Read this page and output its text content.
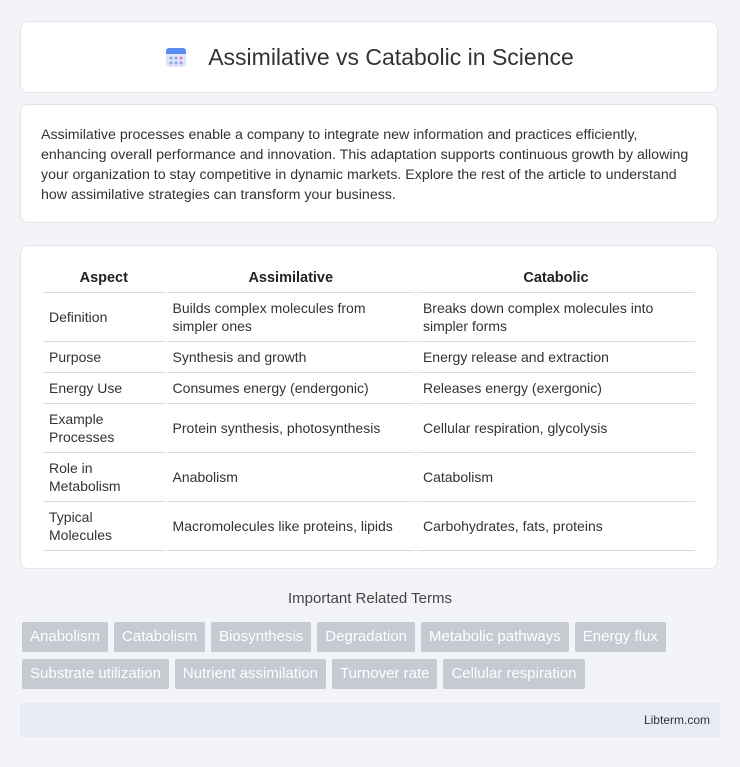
Assimilative vs Catabolic in Science

Assimilative processes enable a company to integrate new information and practices efficiently, enhancing overall performance and innovation. This adaptation supports continuous growth by allowing your organization to stay competitive in dynamic markets. Explore the rest of the article to understand how assimilative strategies can transform your business.

Aspect	Assimilative	Catabolic
Definition	Builds complex molecules from simpler ones	Breaks down complex molecules into simpler forms
Purpose	Synthesis and growth	Energy release and extraction
Energy Use	Consumes energy (endergonic)	Releases energy (exergonic)
Example Processes	Protein synthesis, photosynthesis	Cellular respiration, glycolysis
Role in Metabolism	Anabolism	Catabolism
Typical Molecules	Macromolecules like proteins, lipids	Carbohydrates, fats, proteins
Important Related Terms
Anabolism	Catabolism	Biosynthesis	Degradation	Metabolic pathways	Energy flux
Substrate utilization	Nutrient assimilation	Turnover rate	Cellular respiration
Libterm.com
